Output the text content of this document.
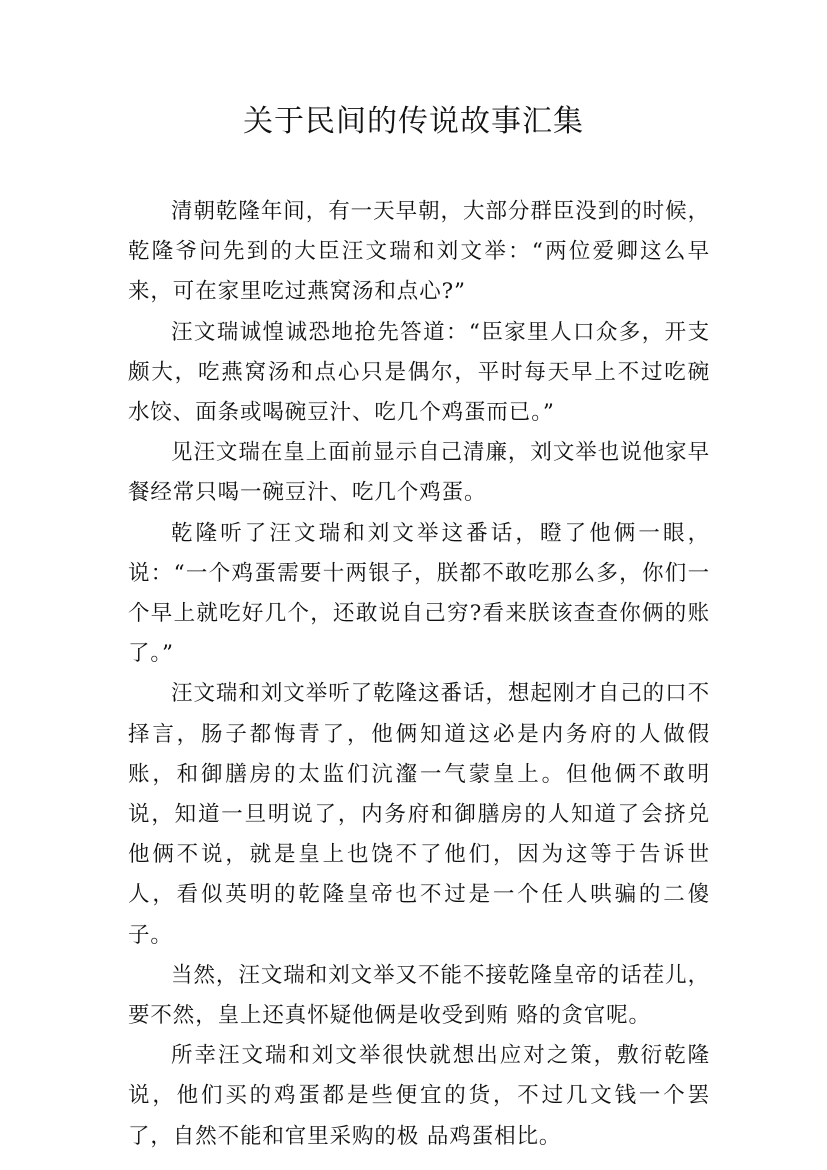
关于民间的传说故事汇集

清朝乾隆年间，有一天早朝，大部分群臣没到的时候，乾隆爷问先到的大臣汪文瑞和刘文举：“两位爱卿这么早来，可在家里吃过燕窝汤和点心?”

汪文瑞诚惶诚恐地抢先答道：“臣家里人口众多，开支颇大，吃燕窝汤和点心只是偶尔，平时每天早上不过吃碗水饺、面条或喝碗豆汁、吃几个鸡蛋而已。”

见汪文瑞在皇上面前显示自己清廉，刘文举也说他家早餐经常只喝一碗豆汁、吃几个鸡蛋。

乾隆听了汪文瑞和刘文举这番话，瞪了他俩一眼，说：“一个鸡蛋需要十两银子，朕都不敢吃那么多，你们一个早上就吃好几个，还敢说自己穷?看来朕该查查你俩的账了。”

汪文瑞和刘文举听了乾隆这番话，想起刚才自己的口不择言，肠子都悔青了，他俩知道这必是内务府的人做假账，和御膳房的太监们沆瀣一气蒙皇上。但他俩不敢明说，知道一旦明说了，内务府和御膳房的人知道了会挤兑他俩不说，就是皇上也饶不了他们，因为这等于告诉世人，看似英明的乾隆皇帝也不过是一个任人哄骗的二傻子。

当然，汪文瑞和刘文举又不能不接乾隆皇帝的话茬儿，要不然，皇上还真怀疑他俩是收受到贿 赂的贪官呢。

所幸汪文瑞和刘文举很快就想出应对之策，敷衍乾隆说，他们买的鸡蛋都是些便宜的货，不过几文钱一个罢了，自然不能和官里采购的极 品鸡蛋相比。
